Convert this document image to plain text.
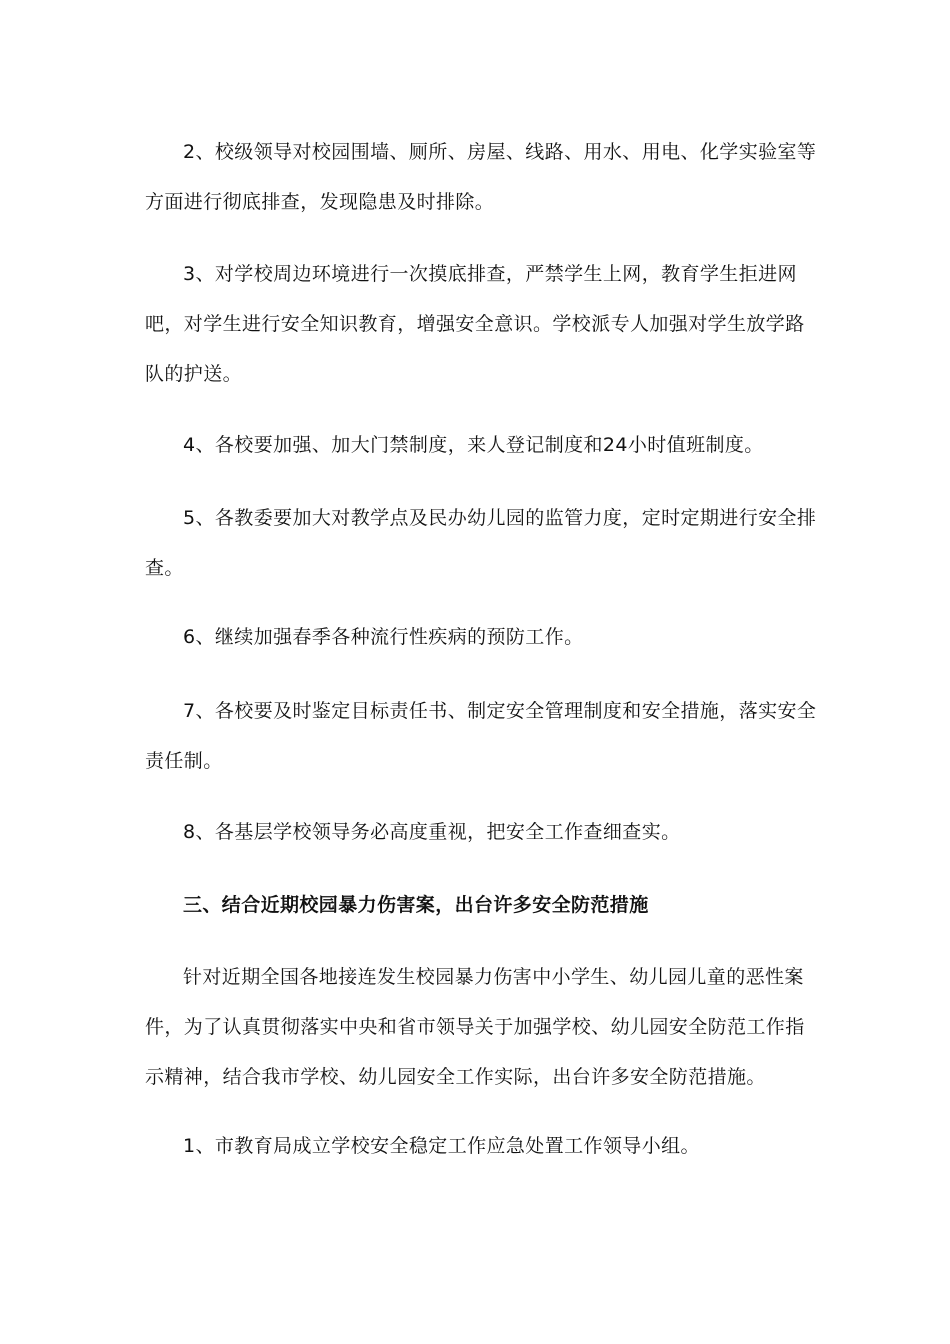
2、校级领导对校园围墙、厕所、房屋、线路、用水、用电、化学实验室等方面进行彻底排查，发现隐患及时排除。

3、对学校周边环境进行一次摸底排查，严禁学生上网，教育学生拒进网吧，对学生进行安全知识教育，增强安全意识。学校派专人加强对学生放学路队的护送。

4、各校要加强、加大门禁制度，来人登记制度和24小时值班制度。

5、各教委要加大对教学点及民办幼儿园的监管力度，定时定期进行安全排查。

6、继续加强春季各种流行性疾病的预防工作。

7、各校要及时鉴定目标责任书、制定安全管理制度和安全措施，落实安全责任制。

8、各基层学校领导务必高度重视，把安全工作查细查实。

三、结合近期校园暴力伤害案，出台许多安全防范措施

针对近期全国各地接连发生校园暴力伤害中小学生、幼儿园儿童的恶性案件，为了认真贯彻落实中央和省市领导关于加强学校、幼儿园安全防范工作指示精神，结合我市学校、幼儿园安全工作实际，出台许多安全防范措施。

1、市教育局成立学校安全稳定工作应急处置工作领导小组。
